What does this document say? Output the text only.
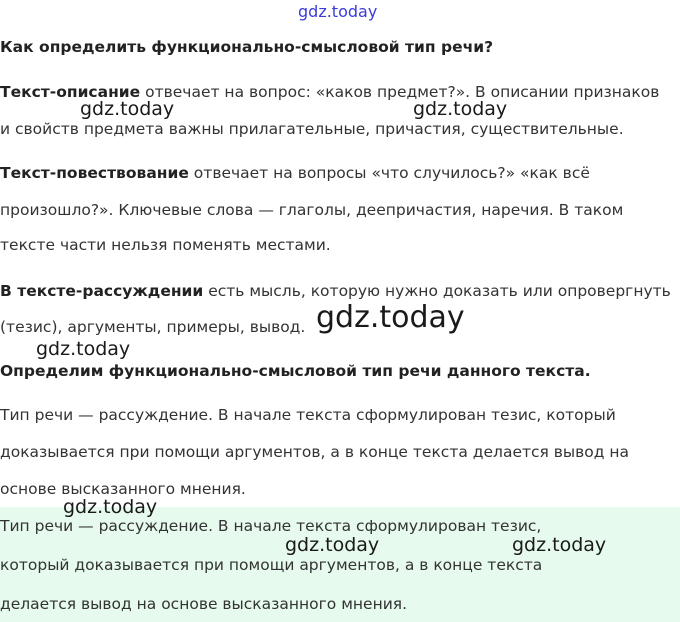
gdz.today
Как определить функционально-смысловой тип речи?
Текст-описание отвечает на вопрос: «каков предмет?». В описании признаков
gdz.today	gdz.today
и свойств предмета важны прилагательные, причастия, существительные.
Текст-повествование отвечает на вопросы «что случилось?» «как всё
произошло?». Ключевые слова — глаголы, деепричастия, наречия. В таком
тексте части нельзя поменять местами.
В тексте-рассуждении есть мысль, которую нужно доказать или опровергнуть
(тезис), аргументы, примеры, вывод. gdz.today
gdz.today
Определим функционально-смысловой тип речи данного текста.
Тип речи — рассуждение. В начале текста сформулирован тезис, который
доказывается при помощи аргументов, а в конце текста делается вывод на
основе высказанного мнения.
gdz.today
Тип речи — рассуждение. В начале текста сформулирован тезис,
gdz.today	gdz.today
который доказывается при помощи аргументов, а в конце текста
делается вывод на основе высказанного мнения.
